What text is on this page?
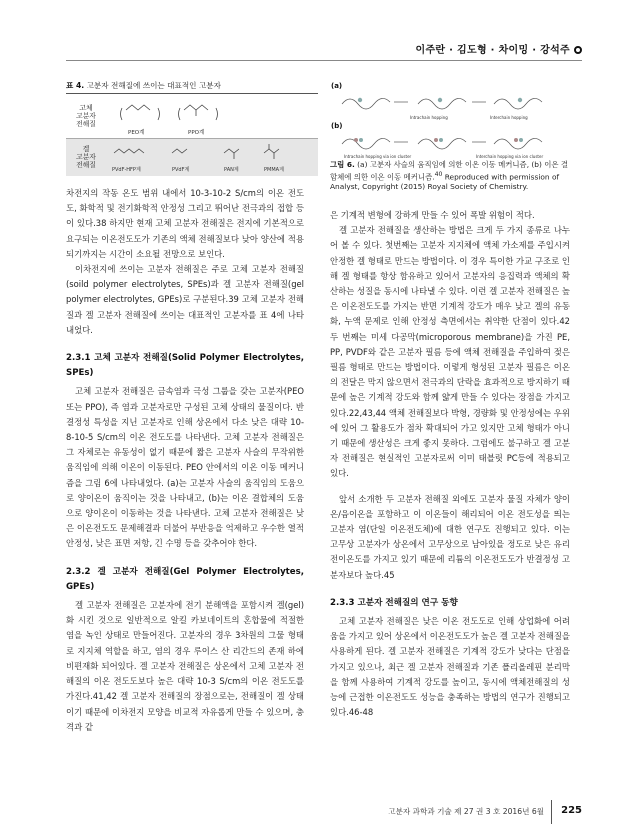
이주란 · 김도형 · 차이밍 · 강석주
표 4. 고분자 전해질에 쓰이는 대표적인 고분자
고체
고분자
전해질
PEO계	PPO계
겔
고분자
전해질
PVdF-HFP계	PVdF계	PAN계	PMMA계
(a)
Intrachain hopping	Interchain hopping
(b)
Intrachain hopping via ion cluster	Interchain hopping via ion cluster
그림 6. (a) 고분자 사슬의 움직임에 의한 이온 이동 메커니즘, (b) 이온 결합체에 의한 이온 이동 메커니즘.$^{40}$ Reproduced with permission of Analyst, Copyright (2015) Royal Society of Chemistry.

차전지의 작동 온도 범위 내에서 10-3-10-2 S/cm의 이온 전도도, 화학적 및 전기화학적 안정성 그리고 뛰어난 전극과의 접합 등이 있다.38 하지만 현재 고체 고분자 전해질은 전지에 기본적으로 요구되는 이온전도도가 기존의 액체 전해질보다 낮아 양산에 적용되기까지는 시간이 소요될 전망으로 보인다.

이차전지에 쓰이는 고분자 전해질은 주로 고체 고분자 전해질(soild polymer electrolytes, SPEs)과 겔 고분자 전해질(gel polymer electrolytes, GPEs)로 구분된다.39 고체 고분자 전해질과 겔 고분자 전해질에 쓰이는 대표적인 고분자를 표 4에 나타내었다.

2.3.1 고체 고분자 전해질(Solid Polymer Electrolytes, SPEs)

고체 고분자 전해질은 금속염과 극성 그룹을 갖는 고분자(PEO 또는 PPO), 즉 염과 고분자로만 구성된 고체 상태의 물질이다. 반결정성 특성을 지닌 고분자로 인해 상온에서 다소 낮은 대략 10-8-10-5 S/cm의 이온 전도도를 나타낸다. 고체 고분자 전해질은 그 자체로는 유동성이 없기 때문에 짧은 고분자 사슬의 무작위한 움직임에 의해 이온이 이동된다. PEO 안에서의 이온 이동 메커니즘을 그림 6에 나타내었다. (a)는 고분자 사슬의 움직임의 도움으로 양이온이 움직이는 것을 나타내고, (b)는 이온 결합체의 도움으로 양이온이 이동하는 것을 나타낸다. 고체 고분자 전해질은 낮은 이온전도도 문제해결과 더불어 부반응을 억제하고 우수한 열적 안정성, 낮은 표면 저항, 긴 수명 등을 갖추어야 한다.

2.3.2 겔 고분자 전해질(Gel Polymer Electrolytes, GPEs)

겔 고분자 전해질은 고분자에 전기 분해액을 포함시켜 겔(gel)화 시킨 것으로 일반적으로 알킬 카보네이트의 혼합물에 적절한 염을 녹인 상태로 만들어진다. 고분자의 경우 3차원의 그물 형태로 지지체 역할을 하고, 염의 경우 루이스 산 리간드의 존재 하에 비편재화 되어있다. 겔 고분자 전해질은 상온에서 고체 고분자 전해질의 이온 전도도보다 높은 대략 10-3 S/cm의 이온 전도도를 가진다.41,42 겔 고분자 전해질의 장점으로는, 전해질이 겔 상태이기 때문에 이차전지 모양을 비교적 자유롭게 만들 수 있으며, 충격과 같

은 기계적 변형에 강하게 만들 수 있어 폭발 위험이 적다.

겔 고분자 전해질을 생산하는 방법은 크게 두 가지 종류로 나누어 볼 수 있다. 첫번째는 고분자 지지체에 액체 가소제를 주입시켜 안정한 겔 형태로 만드는 방법이다. 이 경우 특이한 가교 구조로 인해 겔 형태를 항상 함유하고 있어서 고분자의 응집력과 액체의 확산하는 성질을 동시에 나타낼 수 있다. 이런 겔 고분자 전해질은 높은 이온전도도를 가지는 반면 기계적 강도가 매우 낮고 겔의 유동화, 누액 문제로 인해 안정성 측면에서는 취약한 단점이 있다.42 두 번째는 미세 다공막(microporous membrane)을 가진 PE, PP, PVDF와 같은 고분자 필름 등에 액체 전해질을 주입하여 젖은 필름 형태로 만드는 방법이다. 이렇게 형성된 고분자 필름은 이온의 전달은 막지 않으면서 전극과의 단락을 효과적으로 방지하기 때문에 높은 기계적 강도와 함께 얇게 만들 수 있다는 장점을 가지고 있다.22,43,44 액체 전해질보다 박형, 경량화 및 안정성에는 우위에 있어 그 활용도가 점차 확대되어 가고 있지만 고체 형태가 아니기 때문에 생산성은 크게 좋지 못하다. 그럼에도 불구하고 겔 고분자 전해질은 현실적인 고분자로써 이미 태블릿 PC등에 적용되고 있다.

앞서 소개한 두 고분자 전해질 외에도 고분자 물질 자체가 양이온/음이온을 포함하고 이 이온들이 해리되어 이온 전도성을 띄는 고분자 염(단일 이온전도체)에 대한 연구도 진행되고 있다. 이는 고무상 고분자가 상온에서 고무상으로 남아있을 정도로 낮은 유리전이온도를 가지고 있기 때문에 리튬의 이온전도도가 반결정성 고분자보다 높다.45

2.3.3 고분자 전해질의 연구 동향

고체 고분자 전해질은 낮은 이온 전도도로 인해 상업화에 어려움을 가지고 있어 상온에서 이온전도도가 높은 겔 고분자 전해질을 사용하게 된다. 겔 고분자 전해질은 기계적 강도가 낮다는 단점을 가지고 있으나, 최근 겔 고분자 전해질과 기존 폴리올레핀 분리막을 함께 사용하여 기계적 강도를 높이고, 동시에 액체전해질의 성능에 근접한 이온전도도 성능을 충족하는 방법의 연구가 진행되고 있다.46-48

고분자 과학과 기술 제 27 권 3 호 2016년 6월 225
